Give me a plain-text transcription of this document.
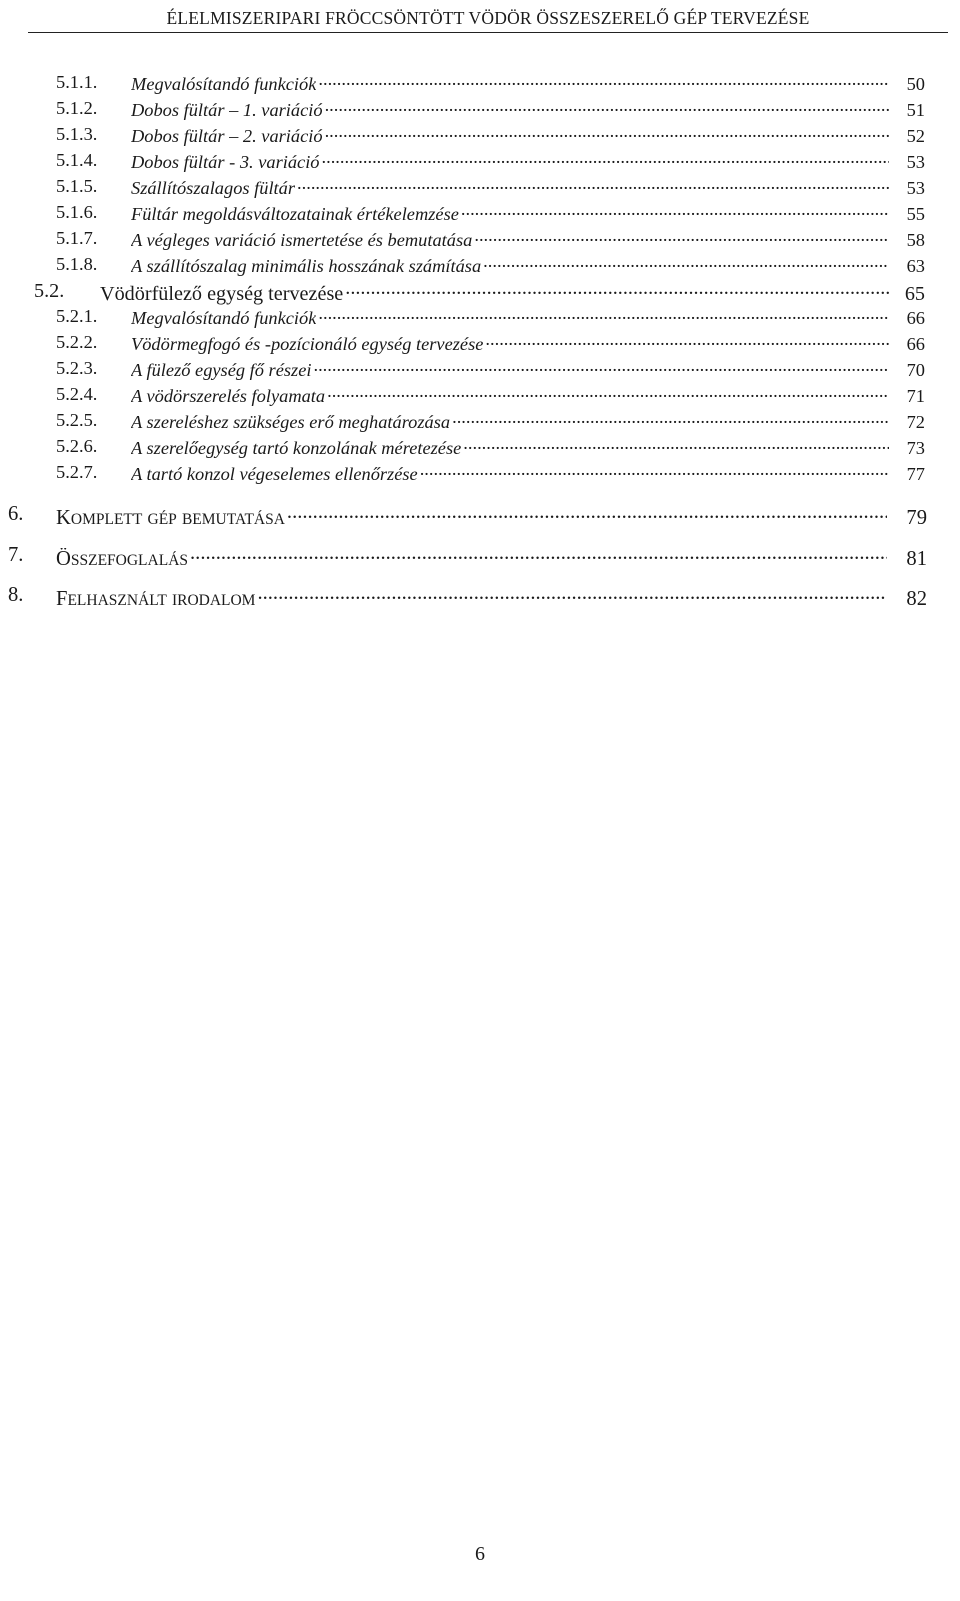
ÉLELMISZERIPARI FRÖCCSÖNTÖTT VÖDÖR ÖSSZESZERELŐ GÉP TERVEZÉSE
5.1.1. Megvalósítandó funkciók .....	50
5.1.2. Dobos fültár – 1. variáció .....	51
5.1.3. Dobos fültár – 2. variáció .....	52
5.1.4. Dobos fültár - 3. variáció .....	53
5.1.5. Szállítószalagos fültár .....	53
5.1.6. Fültár megoldásváltozatainak értékelemzése .....	55
5.1.7. A végleges variáció ismertetése és bemutatása .....	58
5.1.8. A szállítószalag minimális hosszának számítása .....	63
5.2. Vödörfülező egység tervezése .....	65
5.2.1. Megvalósítandó funkciók .....	66
5.2.2. Vödörmegfogó és -pozícionáló egység tervezése .....	66
5.2.3. A fülező egység fő részei .....	70
5.2.4. A vödörszerelés folyamata .....	71
5.2.5. A szereléshez szükséges erő meghatározása .....	72
5.2.6. A szerelőegység tartó konzolának méretezése .....	73
5.2.7. A tartó konzol végeselemes ellenőrzése .....	77
6. KOMPLETT GÉP BEMUTATÁSA .....	79
7. ÖSSZEFOGLALÁS .....	81
8. FELHASZNÁLT IRODALOM .....	82
6
